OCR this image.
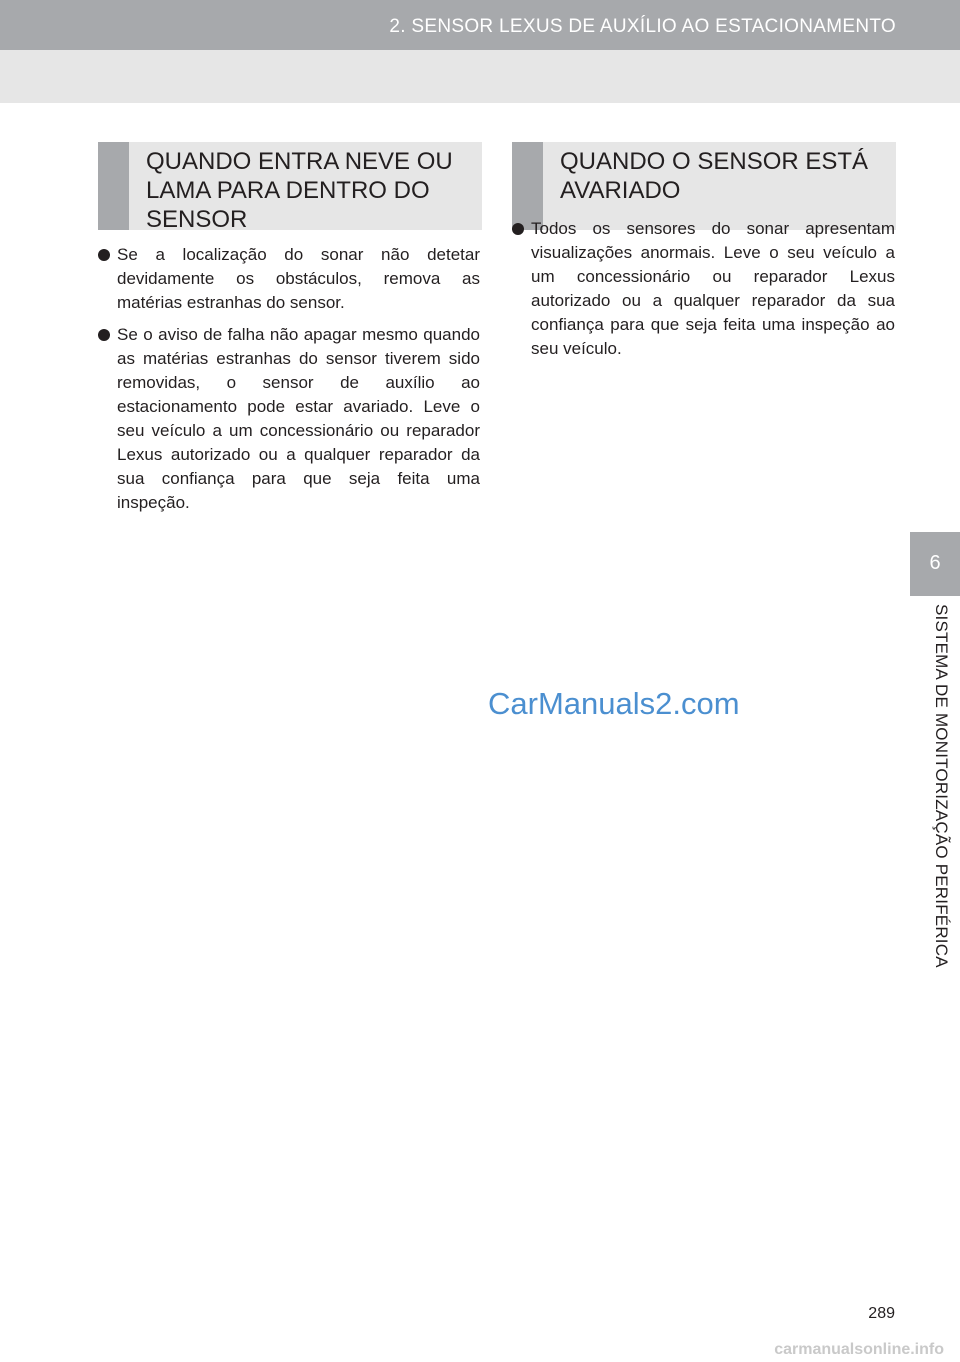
2. SENSOR LEXUS DE AUXÍLIO AO ESTACIONAMENTO
QUANDO ENTRA NEVE OU LAMA PARA DENTRO DO SENSOR
Se a localização do sonar não detetar devidamente os obstáculos, remova as matérias estranhas do sensor.
Se o aviso de falha não apagar mesmo quando as matérias estranhas do sensor tiverem sido removidas, o sensor de auxílio ao estacionamento pode estar avariado. Leve o seu veículo a um concessionário ou reparador Lexus autorizado ou a qualquer reparador da sua confiança para que seja feita uma inspeção.
QUANDO O SENSOR ESTÁ AVARIADO
Todos os sensores do sonar apresentam visualizações anormais. Leve o seu veículo a um concessionário ou reparador Lexus autorizado ou a qualquer reparador da sua confiança para que seja feita uma inspeção ao seu veículo.
6
SISTEMA DE MONITORIZAÇÃO PERIFÉRICA
CarManuals2.com
289
carmanualsonline.info
